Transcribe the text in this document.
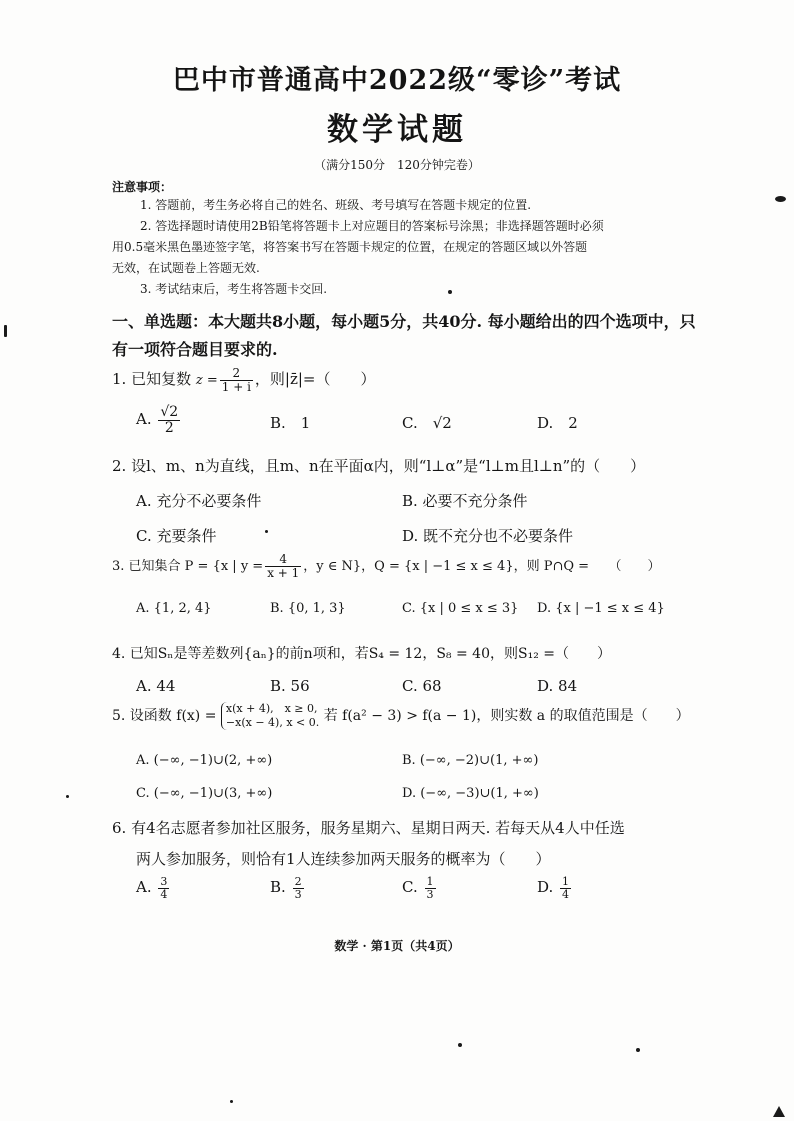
巴中市普通高中2022级“零诊”考试
数学试题
（满分150分　120分钟完卷）
注意事项：
1. 答题前，考生务必将自己的姓名、班级、考号填写在答题卡规定的位置.
2. 答选择题时请使用2B铅笔将答题卡上对应题目的答案标号涂黑；非选择题答题时必须
用0.5毫米黑色墨迹签字笔，将答案书写在答题卡规定的位置，在规定的答题区域以外答题
无效，在试题卷上答题无效.
3. 考试结束后，考生将答题卡交回.
一、单选题：本大题共8小题，每小题5分，共40分. 每小题给出的四个选项中，只有一项符合题目要求的.
1. 已知复数 $z = \frac{2}{1 + i}$ ，则|z̄|=（　　）
A. $\frac{√2}{2}$	B.　1	C.　√2	D.　2
2. 设l、m、n为直线，且m、n在平面α内，则“l⊥α”是“l⊥m且l⊥n”的（　　）
A. 充分不必要条件	B. 必要不充分条件
C. 充要条件	D. 既不充分也不必要条件
3. 已知集合 P = {x | $y = \frac{4}{x + 1}$ ，y ∈ N}，Q = {x | −1 ≤ x ≤ 4}，则 P∩Q =　　（　　）
A. {1, 2, 4}	B. {0, 1, 3}	C. {x | 0 ≤ x ≤ 3} D. {x | −1 ≤ x ≤ 4}
4. 已知Sₙ是等差数列{aₙ}的前n项和，若S₄ = 12，S₈ = 40，则S₁₂ =（　　）
A. 44	B. 56	C. 68	D. 84
5. 设函数 f(x) = x(x + 4),　x ≥ 0,
−x(x − 4), x < 0. 若 f(a² − 3) > f(a − 1)，则实数 a 的取值范围是（　　）
A. (−∞, −1)∪(2, +∞)	B. (−∞, −2)∪(1, +∞)
C. (−∞, −1)∪(3, +∞)	D. (−∞, −3)∪(1, +∞)
6. 有4名志愿者参加社区服务，服务星期六、星期日两天. 若每天从4人中任选
两人参加服务，则恰有1人连续参加两天服务的概率为（　　）
A. $\frac{3}{4}$	B. $\frac{2}{3}$	C. $\frac{1}{3}$	D. $\frac{1}{4}$
数学 · 第1页（共4页）
